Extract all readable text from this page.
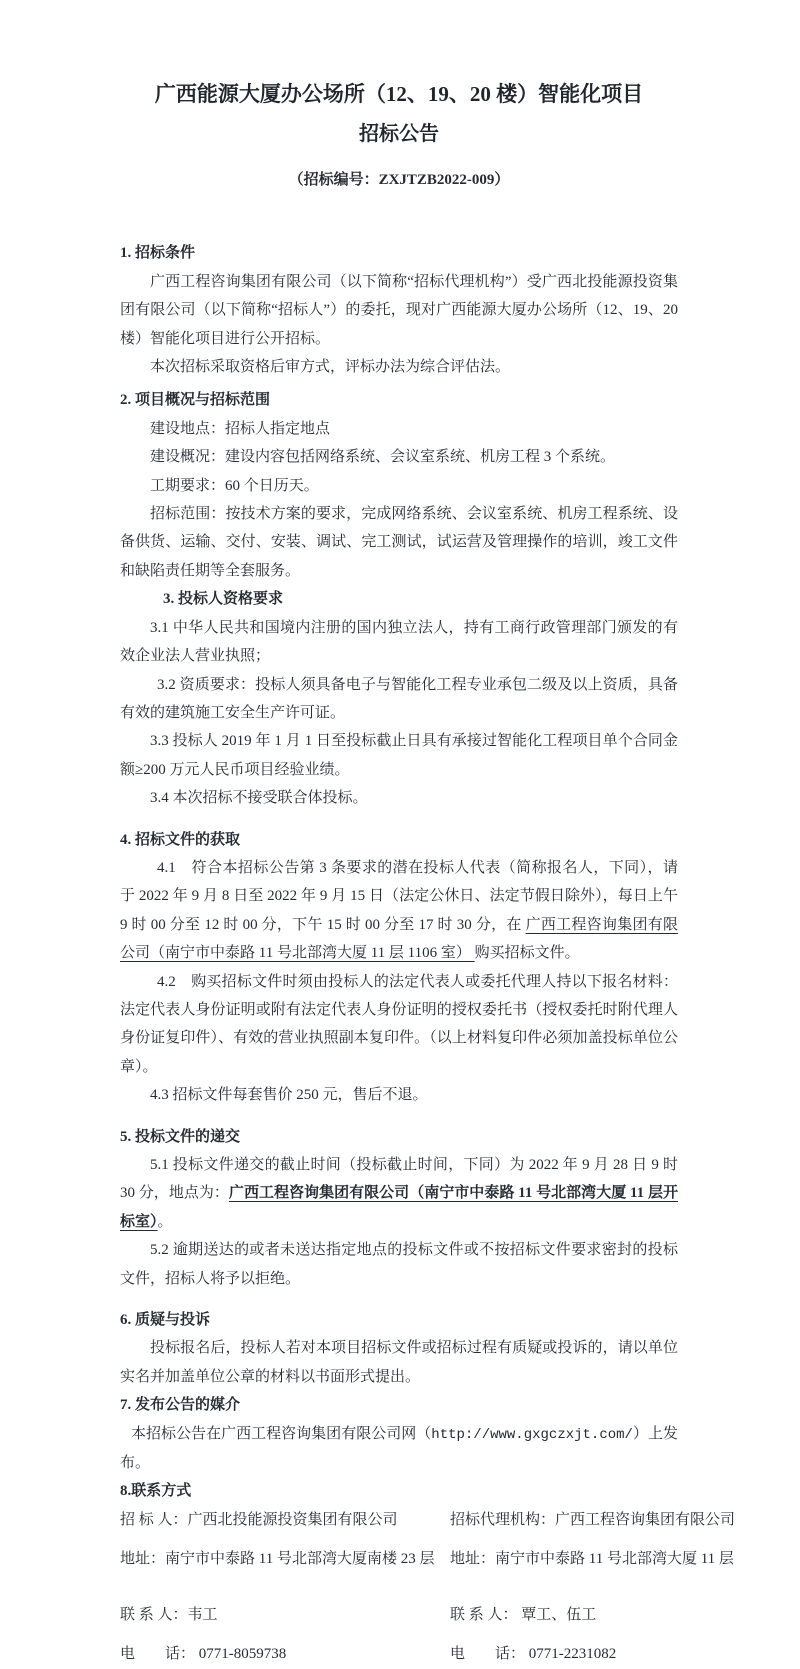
广西能源大厦办公场所（12、19、20 楼）智能化项目
招标公告

（招标编号：ZXJTZB2022-009）

1. 招标条件

广西工程咨询集团有限公司（以下简称“招标代理机构”）受广西北投能源投资集团有限公司（以下简称“招标人”）的委托，现对广西能源大厦办公场所（12、19、20 楼）智能化项目进行公开招标。

本次招标采取资格后审方式，评标办法为综合评估法。

2. 项目概况与招标范围

建设地点：招标人指定地点

建设概况：建设内容包括网络系统、会议室系统、机房工程 3 个系统。

工期要求：60 个日历天。

招标范围：按技术方案的要求，完成网络系统、会议室系统、机房工程系统、设备供货、运输、交付、安装、调试、完工测试，试运营及管理操作的培训，竣工文件和缺陷责任期等全套服务。

3. 投标人资格要求

3.1 中华人民共和国境内注册的国内独立法人，持有工商行政管理部门颁发的有效企业法人营业执照；

3.2 资质要求：投标人须具备电子与智能化工程专业承包二级及以上资质，具备有效的建筑施工安全生产许可证。

3.3 投标人 2019 年 1 月 1 日至投标截止日具有承接过智能化工程项目单个合同金额≥200 万元人民币项目经验业绩。

3.4 本次招标不接受联合体投标。

4. 招标文件的获取

4.1　符合本招标公告第 3 条要求的潜在投标人代表（简称报名人，下同），请于 2022 年 9 月 8 日至 2022 年 9 月 15 日（法定公休日、法定节假日除外），每日上午 9 时 00 分至 12 时 00 分，下午 15 时 00 分至 17 时 30 分，在 广西工程咨询集团有限公司（南宁市中泰路 11 号北部湾大厦 11 层 1106 室） 购买招标文件。

4.2　购买招标文件时须由投标人的法定代表人或委托代理人持以下报名材料：法定代表人身份证明或附有法定代表人身份证明的授权委托书（授权委托时附代理人身份证复印件）、有效的营业执照副本复印件。（以上材料复印件必须加盖投标单位公章）。

4.3 招标文件每套售价 250 元，售后不退。

5. 投标文件的递交

5.1 投标文件递交的截止时间（投标截止时间，下同）为 2022 年 9 月 28 日 9 时 30 分，地点为：广西工程咨询集团有限公司（南宁市中泰路 11 号北部湾大厦 11 层开标室）。

5.2 逾期送达的或者未送达指定地点的投标文件或不按招标文件要求密封的投标文件，招标人将予以拒绝。

6. 质疑与投诉

投标报名后，投标人若对本项目招标文件或招标过程有质疑或投诉的，请以单位实名并加盖单位公章的材料以书面形式提出。

7. 发布公告的媒介

本招标公告在广西工程咨询集团有限公司网（http://www.gxgczxjt.com/）上发布。

8.联系方式

招 标 人：广西北投能源投资集团有限公司	招标代理机构：广西工程咨询集团有限公司
地址：南宁市中泰路 11 号北部湾大厦南楼 23 层	地址：南宁市中泰路 11 号北部湾大厦 11 层
联 系 人：韦工	联 系 人： 覃工、伍工
电　　话： 0771-8059738	电　　话： 0771-2231082
